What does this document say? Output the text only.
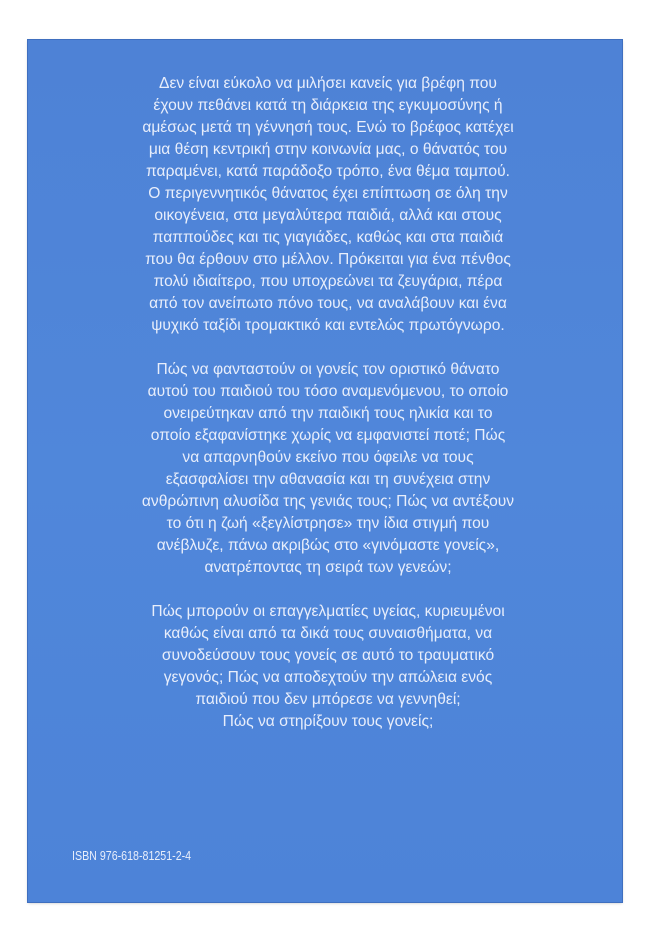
Δεν είναι εύκολο να μιλήσει κανείς για βρέφη που
έχουν πεθάνει κατά τη διάρκεια της εγκυμοσύνης ή
αμέσως μετά τη γέννησή τους. Ενώ το βρέφος κατέχει
μια θέση κεντρική στην κοινωνία μας, ο θάνατός του
παραμένει, κατά παράδοξο τρόπο, ένα θέμα ταμπού.
Ο περιγεννητικός θάνατος έχει επίπτωση σε όλη την
οικογένεια, στα μεγαλύτερα παιδιά, αλλά και στους
παππούδες και τις γιαγιάδες, καθώς και στα παιδιά
που θα έρθουν στο μέλλον. Πρόκειται για ένα πένθος
πολύ ιδιαίτερο, που υποχρεώνει τα ζευγάρια, πέρα
από τον ανείπωτο πόνο τους, να αναλάβουν και ένα
ψυχικό ταξίδι τρομακτικό και εντελώς πρωτόγνωρο.

Πώς να φανταστούν οι γονείς τον οριστικό θάνατο
αυτού του παιδιού του τόσο αναμενόμενου, το οποίο
ονειρεύτηκαν από την παιδική τους ηλικία και το
οποίο εξαφανίστηκε χωρίς να εμφανιστεί ποτέ; Πώς
να απαρνηθούν εκείνο που όφειλε να τους
εξασφαλίσει την αθανασία και τη συνέχεια στην
ανθρώπινη αλυσίδα της γενιάς τους; Πώς να αντέξουν
το ότι η ζωή «ξεγλίστρησε» την ίδια στιγμή που
ανέβλυζε, πάνω ακριβώς στο «γινόμαστε γονείς»,
ανατρέποντας τη σειρά των γενεών;

Πώς μπορούν οι επαγγελματίες υγείας, κυριευμένοι
καθώς είναι από τα δικά τους συναισθήματα, να
συνοδεύσουν τους γονείς σε αυτό το τραυματικό
γεγονός; Πώς να αποδεχτούν την απώλεια ενός
παιδιού που δεν μπόρεσε να γεννηθεί;
Πώς να στηρίξουν τους γονείς;

ISBN 976-618-81251-2-4
